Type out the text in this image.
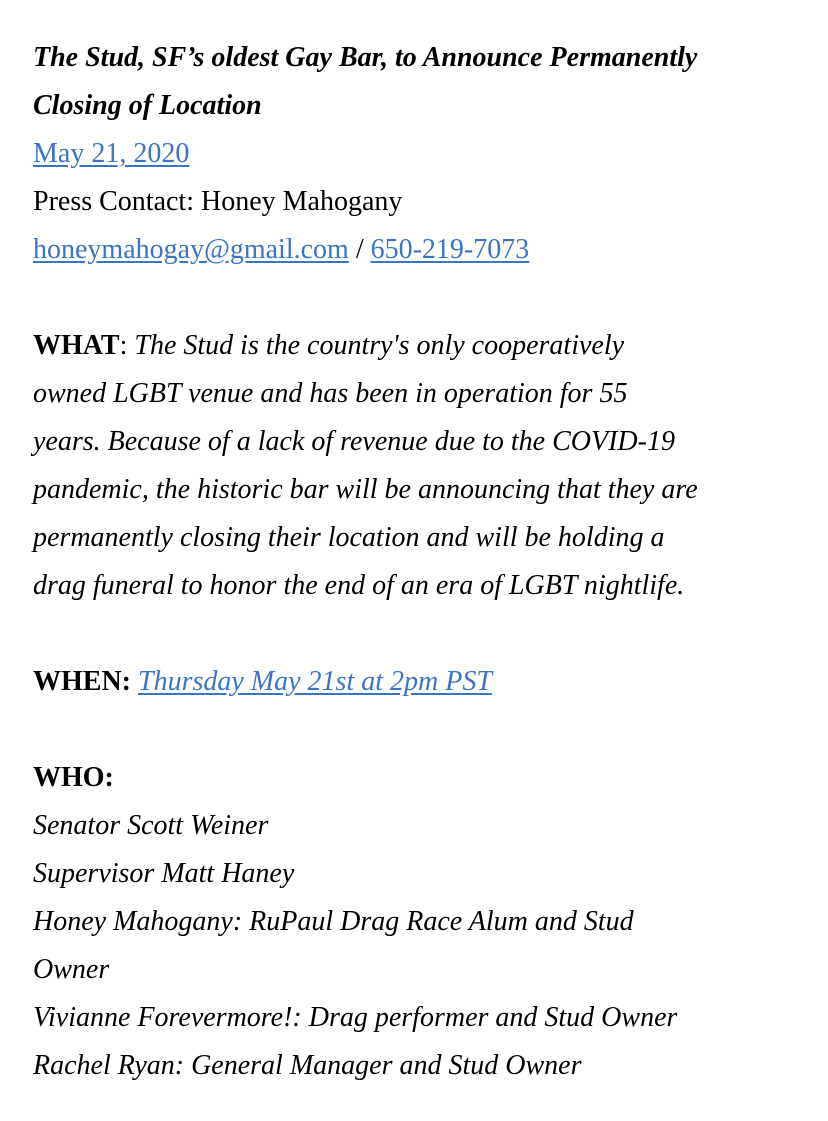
The Stud, SF’s oldest Gay Bar, to Announce Permanently
Closing of Location
May 21, 2020
Press Contact: Honey Mahogany
honeymahogay@gmail.com / 650-219-7073
WHAT: The Stud is the country's only cooperatively
owned LGBT venue and has been in operation for 55
years. Because of a lack of revenue due to the COVID-19
pandemic, the historic bar will be announcing that they are
permanently closing their location and will be holding a
drag funeral to honor the end of an era of LGBT nightlife.
WHEN: Thursday May 21st at 2pm PST
WHO:
Senator Scott Weiner
Supervisor Matt Haney
Honey Mahogany: RuPaul Drag Race Alum and Stud
Owner
Vivianne Forevermore!: Drag performer and Stud Owner
Rachel Ryan: General Manager and Stud Owner
